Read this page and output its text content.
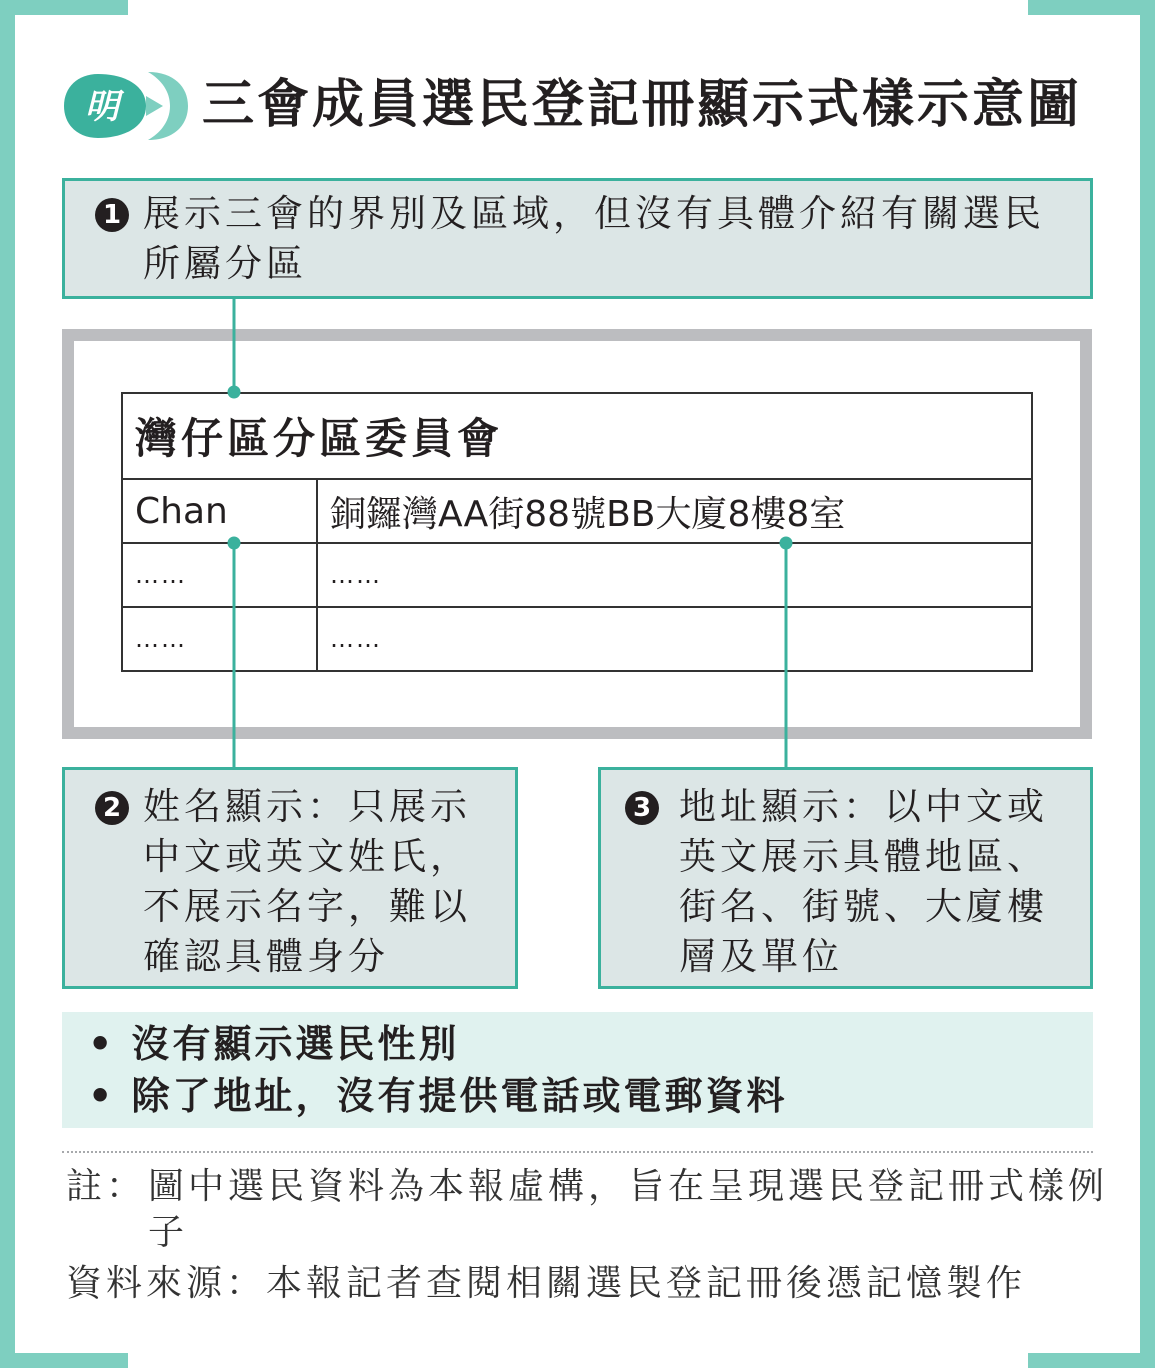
明 三會成員選民登記冊顯示式樣示意圖
1 展示三會的界別及區域，但沒有具體介紹有關選民
所屬分區

灣仔區分區委員會	
Chan	銅鑼灣AA街88號BB大廈8樓8室
……	……
……	……
2 姓名顯示：只展示
中文或英文姓氏，
不展示名字，難以
確認具體身分

3 地址顯示：以中文或
英文展示具體地區、
街名、街號、大廈樓
層及單位

• 沒有顯示選民性別
• 除了地址，沒有提供電話或電郵資料

註： 圖中選民資料為本報虛構，旨在呈現選民登記冊式樣例子

資料來源：本報記者查閱相關選民登記冊後憑記憶製作
